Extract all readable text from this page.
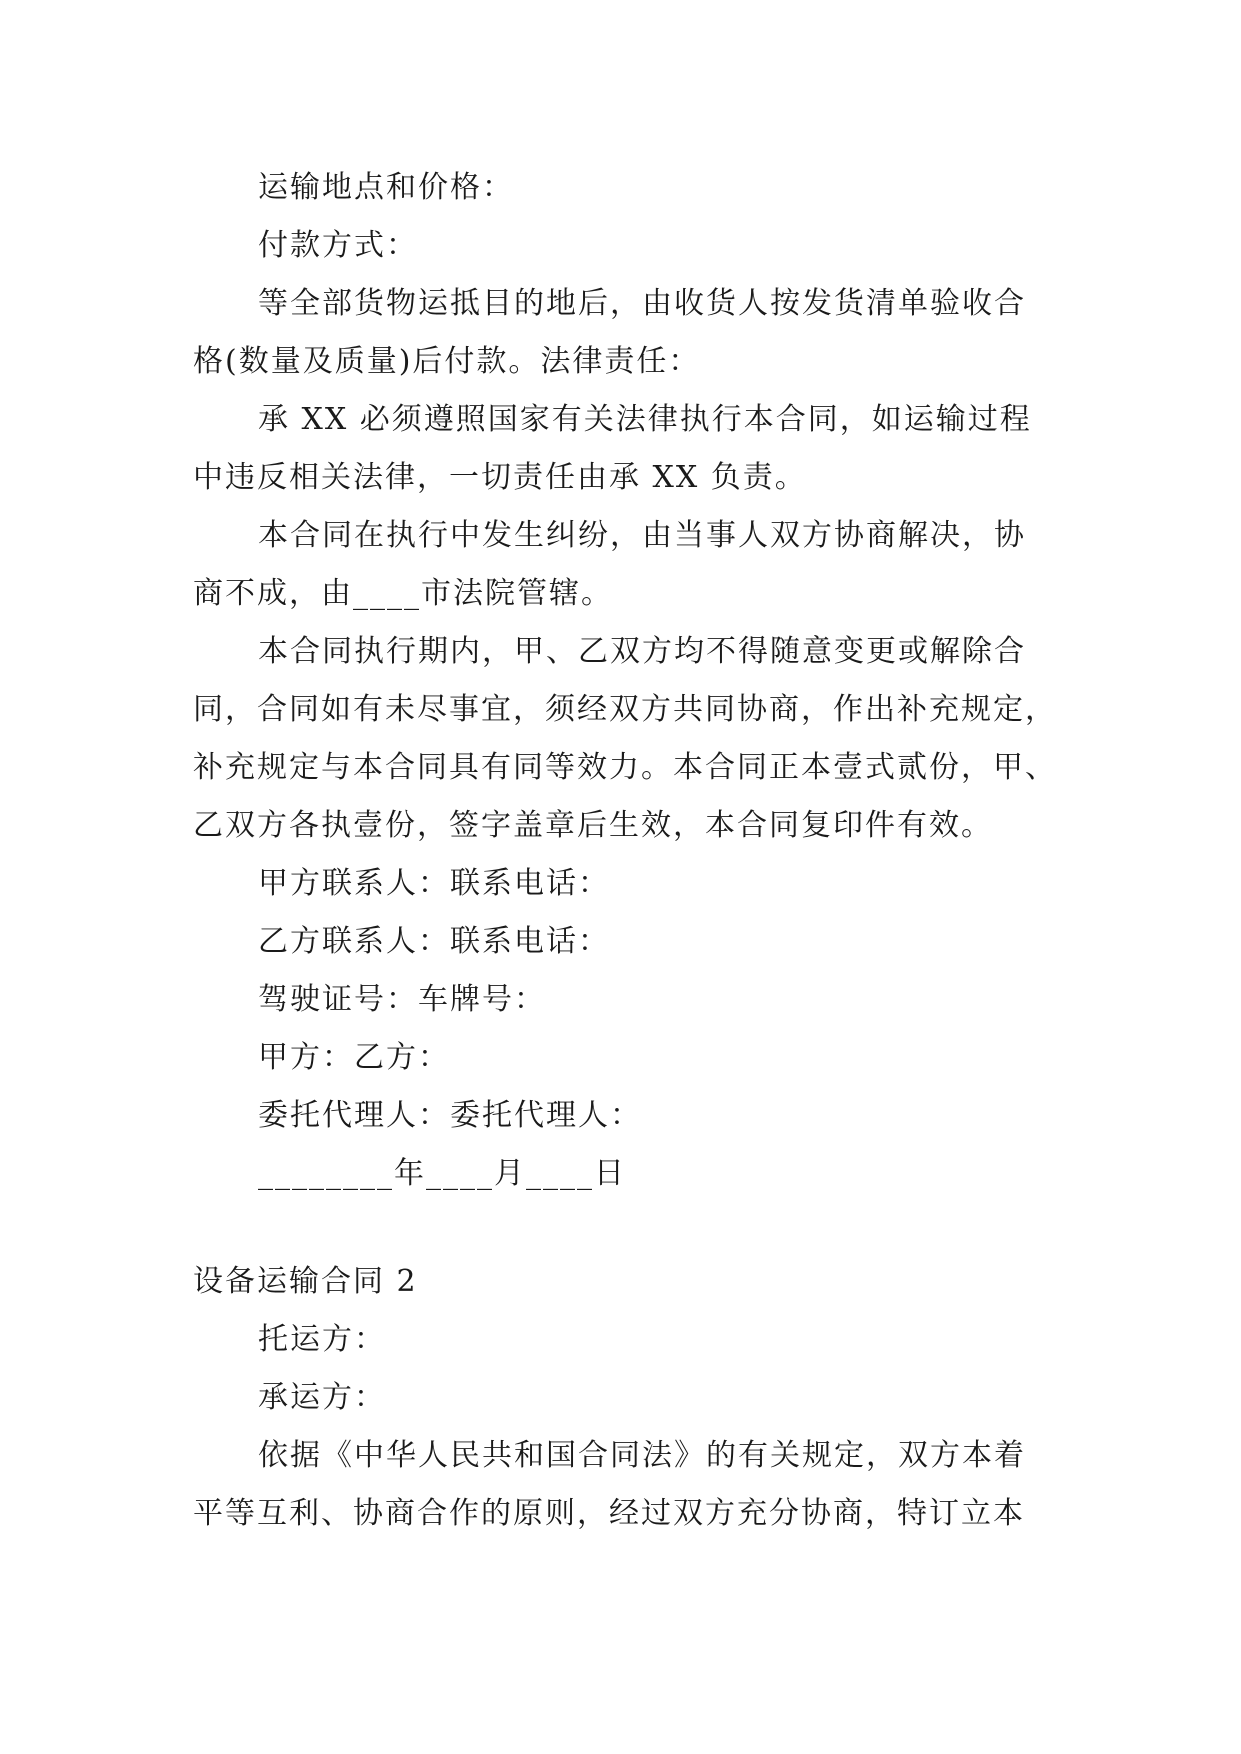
运输地点和价格：
付款方式：
等全部货物运抵目的地后，由收货人按发货清单验收合
格(数量及质量)后付款。法律责任：
承 XX 必须遵照国家有关法律执行本合同，如运输过程
中违反相关法律，一切责任由承 XX 负责。
本合同在执行中发生纠纷，由当事人双方协商解决，协
商不成，由____市法院管辖。
本合同执行期内，甲、乙双方均不得随意变更或解除合
同，合同如有未尽事宜，须经双方共同协商，作出补充规定，
补充规定与本合同具有同等效力。本合同正本壹式贰份，甲、
乙双方各执壹份，签字盖章后生效，本合同复印件有效。
甲方联系人：联系电话：
乙方联系人：联系电话：
驾驶证号：车牌号：
甲方：乙方：
委托代理人：委托代理人：
________年____月____日
设备运输合同 2
托运方：
承运方：
依据《中华人民共和国合同法》的有关规定，双方本着
平等互利、协商合作的原则，经过双方充分协商，特订立本
